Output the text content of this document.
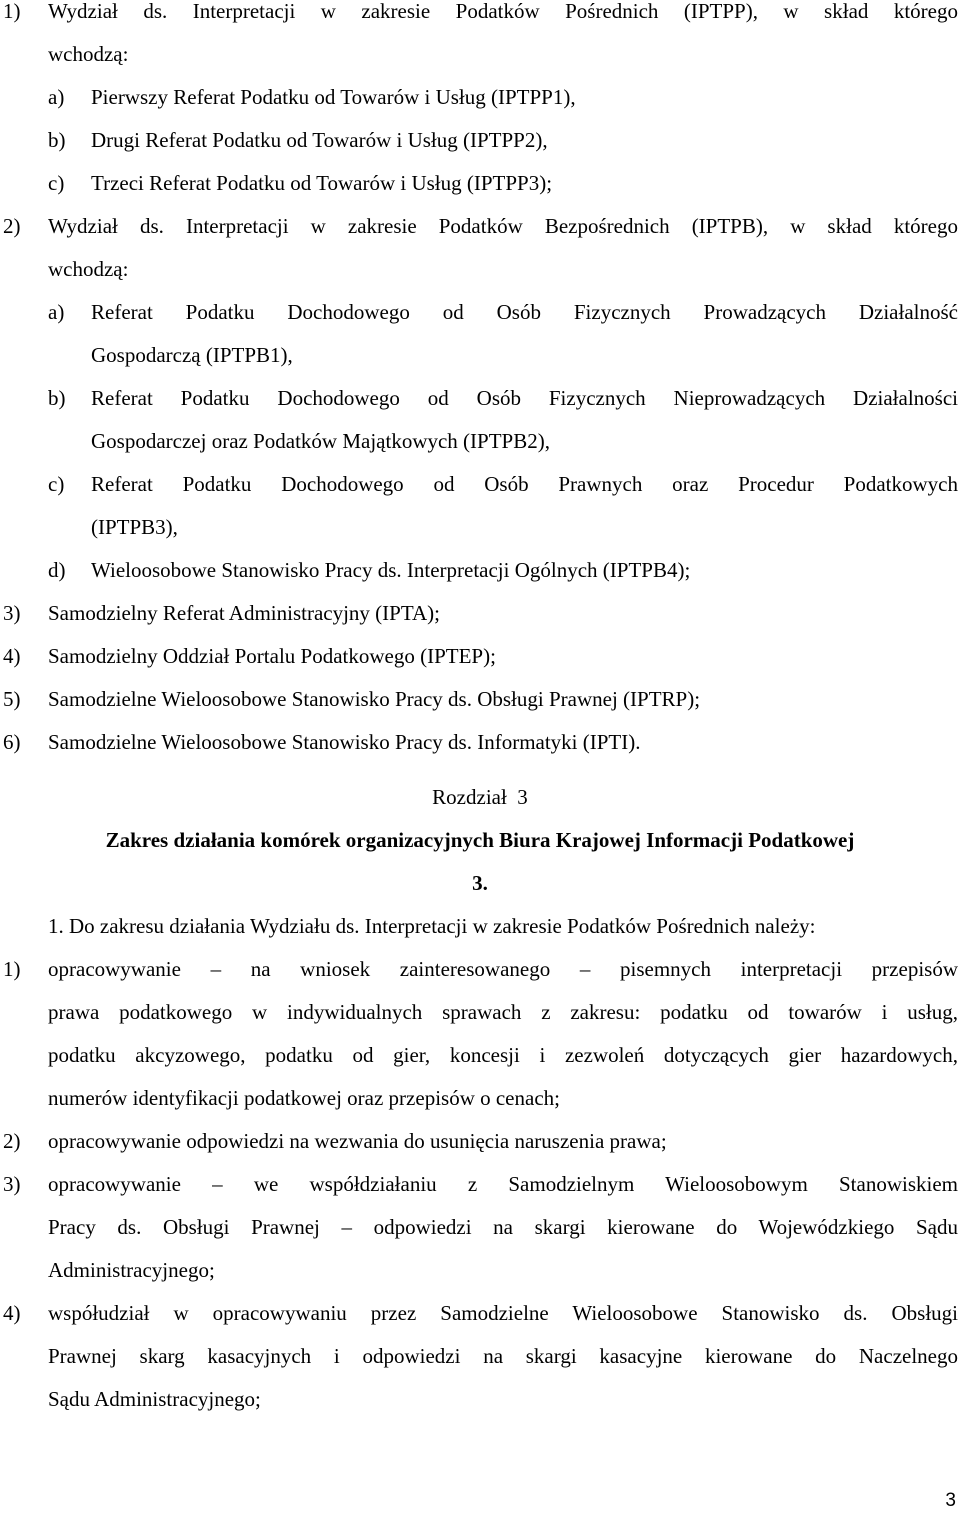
1) Wydział ds. Interpretacji w zakresie Podatków Pośrednich (IPTPP), w skład którego
wchodzą:
a) Pierwszy Referat Podatku od Towarów i Usług (IPTPP1),
b) Drugi Referat Podatku od Towarów i Usług (IPTPP2),
c) Trzeci Referat Podatku od Towarów i Usług (IPTPP3);
2) Wydział ds. Interpretacji w zakresie Podatków Bezpośrednich (IPTPB), w skład którego
wchodzą:
a) Referat Podatku Dochodowego od Osób Fizycznych Prowadzących Działalność
Gospodarczą (IPTPB1),
b) Referat Podatku Dochodowego od Osób Fizycznych Nieprowadzących Działalności
Gospodarczej oraz Podatków Majątkowych (IPTPB2),
c) Referat Podatku Dochodowego od Osób Prawnych oraz Procedur Podatkowych
(IPTPB3),
d) Wieloosobowe Stanowisko Pracy ds. Interpretacji Ogólnych (IPTPB4);
3) Samodzielny Referat Administracyjny (IPTA);
4) Samodzielny Oddział Portalu Podatkowego (IPTEP);
5) Samodzielne Wieloosobowe Stanowisko Pracy ds. Obsługi Prawnej (IPTRP);
6) Samodzielne Wieloosobowe Stanowisko Pracy ds. Informatyki (IPTI).
Rozdział  3
Zakres działania komórek organizacyjnych Biura Krajowej Informacji Podatkowej
3.
1. Do zakresu działania Wydziału ds. Interpretacji w zakresie Podatków Pośrednich należy:
1) opracowywanie – na wniosek zainteresowanego – pisemnych interpretacji przepisów
prawa podatkowego w indywidualnych sprawach z zakresu: podatku od towarów i usług,
podatku akcyzowego, podatku od gier, koncesji i zezwoleń dotyczących gier hazardowych,
numerów identyfikacji podatkowej oraz przepisów o cenach;
2) opracowywanie odpowiedzi na wezwania do usunięcia naruszenia prawa;
3) opracowywanie – we współdziałaniu z Samodzielnym Wieloosobowym Stanowiskiem
Pracy ds. Obsługi Prawnej – odpowiedzi na skargi kierowane do Wojewódzkiego Sądu
Administracyjnego;
4) współudział w opracowywaniu przez Samodzielne Wieloosobowe Stanowisko ds. Obsługi
Prawnej skarg kasacyjnych i odpowiedzi na skargi kasacyjne kierowane do Naczelnego
Sądu Administracyjnego;
3
